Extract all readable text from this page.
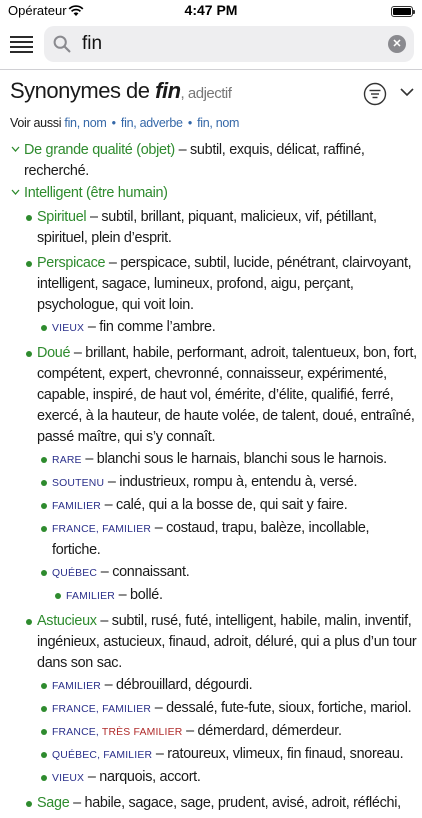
Opérateur	4:47 PM
fin	✕
Synonymes de fin, adjectif
Voir aussi fin, nom • fin, adverbe • fin, nom
De grande qualité (objet) – subtil, exquis, délicat, raffiné, recherché.
Intelligent (être humain)
Spirituel – subtil, brillant, piquant, malicieux, vif, pétillant, spirituel, plein d’esprit.
Perspicace – perspicace, subtil, lucide, pénétrant, clairvoyant, intelligent, sagace, lumineux, profond, aigu, perçant, psychologue, qui voit loin.
VIEUX – fin comme l’ambre.
Doué – brillant, habile, performant, adroit, talentueux, bon, fort, compétent, expert, chevronné, connaisseur, expérimenté, capable, inspiré, de haut vol, émérite, d’élite, qualifié, ferré, exercé, à la hauteur, de haute volée, de talent, doué, entraîné, passé maître, qui s’y connaît.
RARE – blanchi sous le harnais, blanchi sous le harnois.
SOUTENU – industrieux, rompu à, entendu à, versé.
FAMILIER – calé, qui a la bosse de, qui sait y faire.
FRANCE, FAMILIER – costaud, trapu, balèze, incollable, fortiche.
QUÉBEC – connaissant.
FAMILIER – bollé.
Astucieux – subtil, rusé, futé, intelligent, habile, malin, inventif, ingénieux, astucieux, finaud, adroit, déluré, qui a plus d’un tour dans son sac.
FAMILIER – débrouillard, dégourdi.
FRANCE, FAMILIER – dessalé, fute-fute, sioux, fortiche, mariol.
FRANCE, TRÈS FAMILIER – démerdard, démerdeur.
QUÉBEC, FAMILIER – ratoureux, vlimeux, fin finaud, snoreau.
VIEUX – narquois, accort.
Sage – habile, sagace, sage, prudent, avisé, adroit, réfléchi,
